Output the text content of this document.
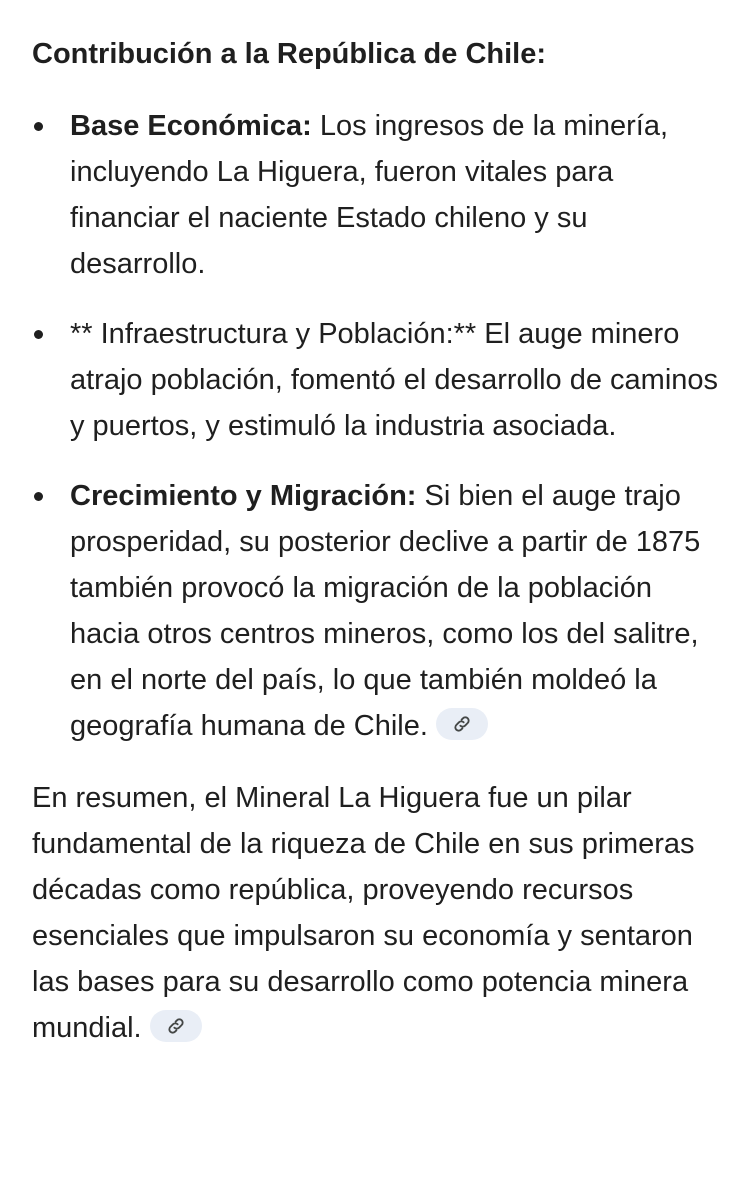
Contribución a la República de Chile:
Base Económica: Los ingresos de la minería, incluyendo La Higuera, fueron vitales para financiar el naciente Estado chileno y su desarrollo.
** Infraestructura y Población:** El auge minero atrajo población, fomentó el desarrollo de caminos y puertos, y estimuló la industria asociada.
Crecimiento y Migración: Si bien el auge trajo prosperidad, su posterior declive a partir de 1875 también provocó la migración de la población hacia otros centros mineros, como los del salitre, en el norte del país, lo que también moldeó la geografía humana de Chile.

En resumen, el Mineral La Higuera fue un pilar fundamental de la riqueza de Chile en sus primeras décadas como república, proveyendo recursos esenciales que impulsaron su economía y sentaron las bases para su desarrollo como potencia minera mundial.
